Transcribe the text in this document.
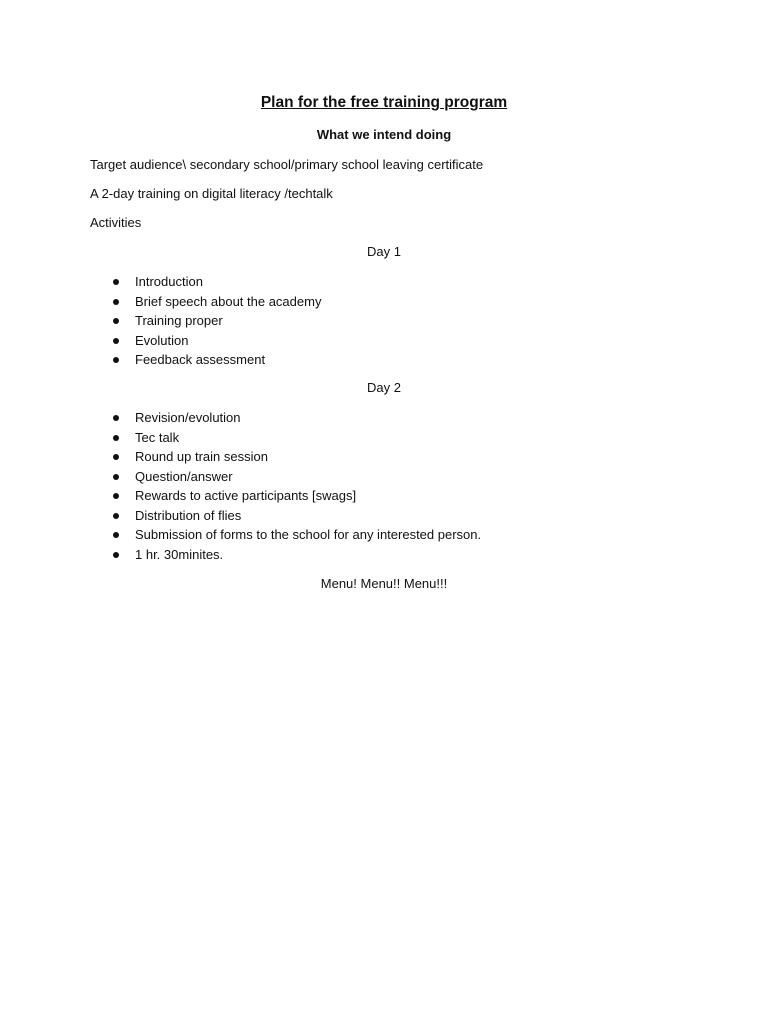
Plan for the free training program
What we intend doing
Target audience\ secondary school/primary school leaving certificate
A 2-day training on digital literacy /techtalk
Activities
Day 1
Introduction
Brief speech about the academy
Training proper
Evolution
Feedback assessment
Day 2
Revision/evolution
Tec talk
Round up train session
Question/answer
Rewards to active participants [swags]
Distribution of flies
Submission of forms to the school for any interested person.
1 hr. 30minites.
Menu! Menu!! Menu!!!
